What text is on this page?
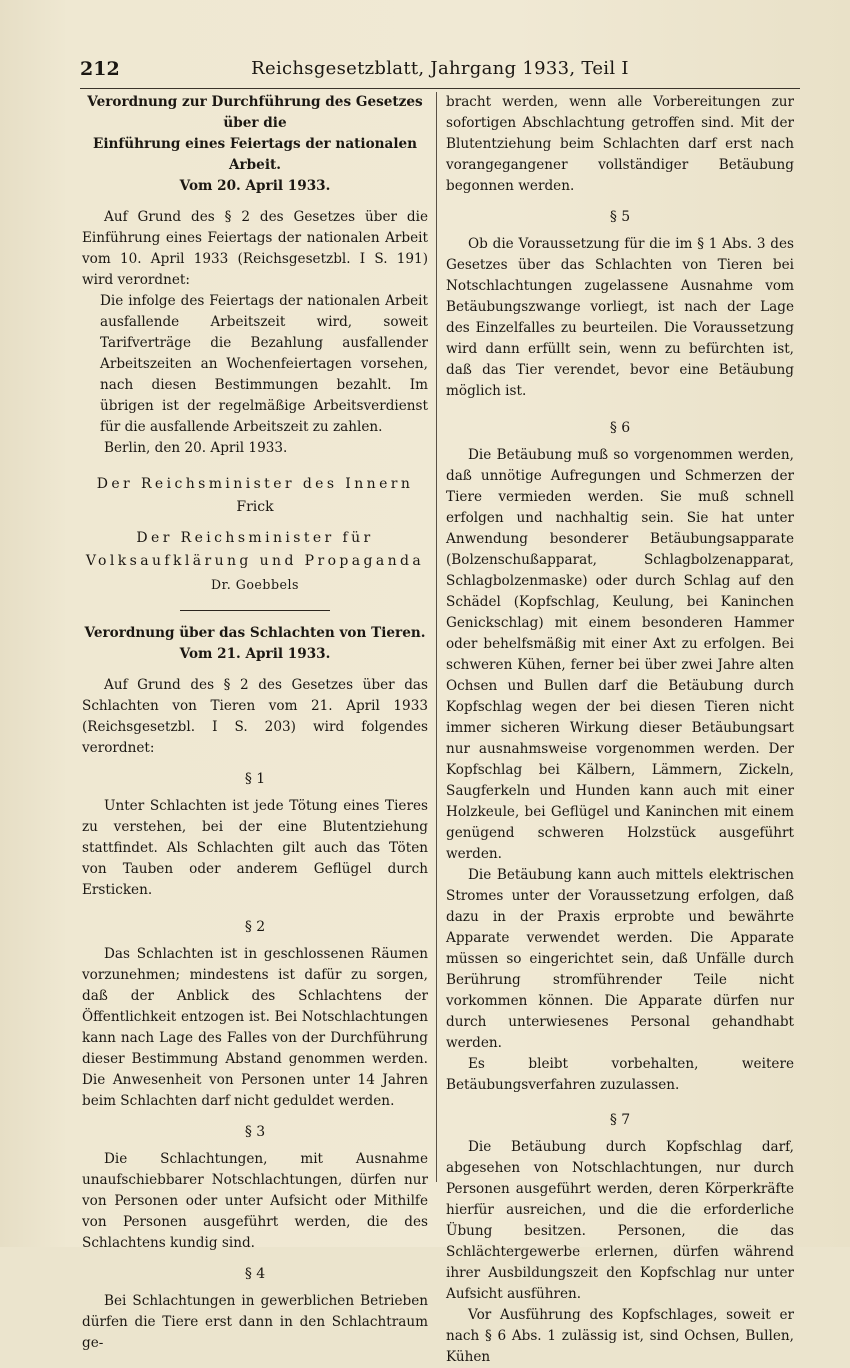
212	Reichsgesetzblatt, Jahrgang 1933, Teil I
Verordnung zur Durchführung des Gesetzes über die
Einführung eines Feiertags der nationalen Arbeit.
Vom 20. April 1933.

Auf Grund des § 2 des Gesetzes über die Einführung eines Feiertags der nationalen Arbeit vom 10. April 1933 (Reichsgesetzbl. I S. 191) wird verordnet:

Die infolge des Feiertags der nationalen Arbeit ausfallende Arbeitszeit wird, soweit Tarifverträge die Bezahlung ausfallender Arbeitszeiten an Wochenfeiertagen vorsehen, nach diesen Bestimmungen bezahlt. Im übrigen ist der regelmäßige Arbeitsverdienst für die ausfallende Arbeitszeit zu zahlen.

Berlin, den 20. April 1933.

Der Reichsminister des Innern

Frick

Der Reichsminister für

Volksaufklärung und Propaganda

Dr. Goebbels

Verordnung über das Schlachten von Tieren.
Vom 21. April 1933.

Auf Grund des § 2 des Gesetzes über das Schlachten von Tieren vom 21. April 1933 (Reichsgesetzbl. I S. 203) wird folgendes verordnet:

§ 1

Unter Schlachten ist jede Tötung eines Tieres zu verstehen, bei der eine Blutentziehung stattfindet. Als Schlachten gilt auch das Töten von Tauben oder anderem Geflügel durch Ersticken.

§ 2

Das Schlachten ist in geschlossenen Räumen vorzunehmen; mindestens ist dafür zu sorgen, daß der Anblick des Schlachtens der Öffentlichkeit entzogen ist. Bei Notschlachtungen kann nach Lage des Falles von der Durchführung dieser Bestimmung Abstand genommen werden. Die Anwesenheit von Personen unter 14 Jahren beim Schlachten darf nicht geduldet werden.

§ 3

Die Schlachtungen, mit Ausnahme unaufschiebbarer Notschlachtungen, dürfen nur von Personen oder unter Aufsicht oder Mithilfe von Personen ausgeführt werden, die des Schlachtens kundig sind.

§ 4

Bei Schlachtungen in gewerblichen Betrieben dürfen die Tiere erst dann in den Schlachtraum ge-

bracht werden, wenn alle Vorbereitungen zur sofortigen Abschlachtung getroffen sind. Mit der Blutentziehung beim Schlachten darf erst nach vorangegangener vollständiger Betäubung begonnen werden.

§ 5

Ob die Voraussetzung für die im § 1 Abs. 3 des Gesetzes über das Schlachten von Tieren bei Notschlachtungen zugelassene Ausnahme vom Betäubungszwange vorliegt, ist nach der Lage des Einzelfalles zu beurteilen. Die Voraussetzung wird dann erfüllt sein, wenn zu befürchten ist, daß das Tier verendet, bevor eine Betäubung möglich ist.

§ 6

Die Betäubung muß so vorgenommen werden, daß unnötige Aufregungen und Schmerzen der Tiere vermieden werden. Sie muß schnell erfolgen und nachhaltig sein. Sie hat unter Anwendung besonderer Betäubungsapparate (Bolzenschußapparat, Schlagbolzenapparat, Schlagbolzenmaske) oder durch Schlag auf den Schädel (Kopfschlag, Keulung, bei Kaninchen Genickschlag) mit einem besonderen Hammer oder behelfsmäßig mit einer Axt zu erfolgen. Bei schweren Kühen, ferner bei über zwei Jahre alten Ochsen und Bullen darf die Betäubung durch Kopfschlag wegen der bei diesen Tieren nicht immer sicheren Wirkung dieser Betäubungsart nur ausnahmsweise vorgenommen werden. Der Kopfschlag bei Kälbern, Lämmern, Zickeln, Saugferkeln und Hunden kann auch mit einer Holzkeule, bei Geflügel und Kaninchen mit einem genügend schweren Holzstück ausgeführt werden.

Die Betäubung kann auch mittels elektrischen Stromes unter der Voraussetzung erfolgen, daß dazu in der Praxis erprobte und bewährte Apparate verwendet werden. Die Apparate müssen so eingerichtet sein, daß Unfälle durch Berührung stromführender Teile nicht vorkommen können. Die Apparate dürfen nur durch unterwiesenes Personal gehandhabt werden.

Es bleibt vorbehalten, weitere Betäubungsverfahren zuzulassen.

§ 7

Die Betäubung durch Kopfschlag darf, abgesehen von Notschlachtungen, nur durch Personen ausgeführt werden, deren Körperkräfte hierfür ausreichen, und die die erforderliche Übung besitzen. Personen, die das Schlächtergewerbe erlernen, dürfen während ihrer Ausbildungszeit den Kopfschlag nur unter Aufsicht ausführen.

Vor Ausführung des Kopfschlages, soweit er nach § 6 Abs. 1 zulässig ist, sind Ochsen, Bullen, Kühen
